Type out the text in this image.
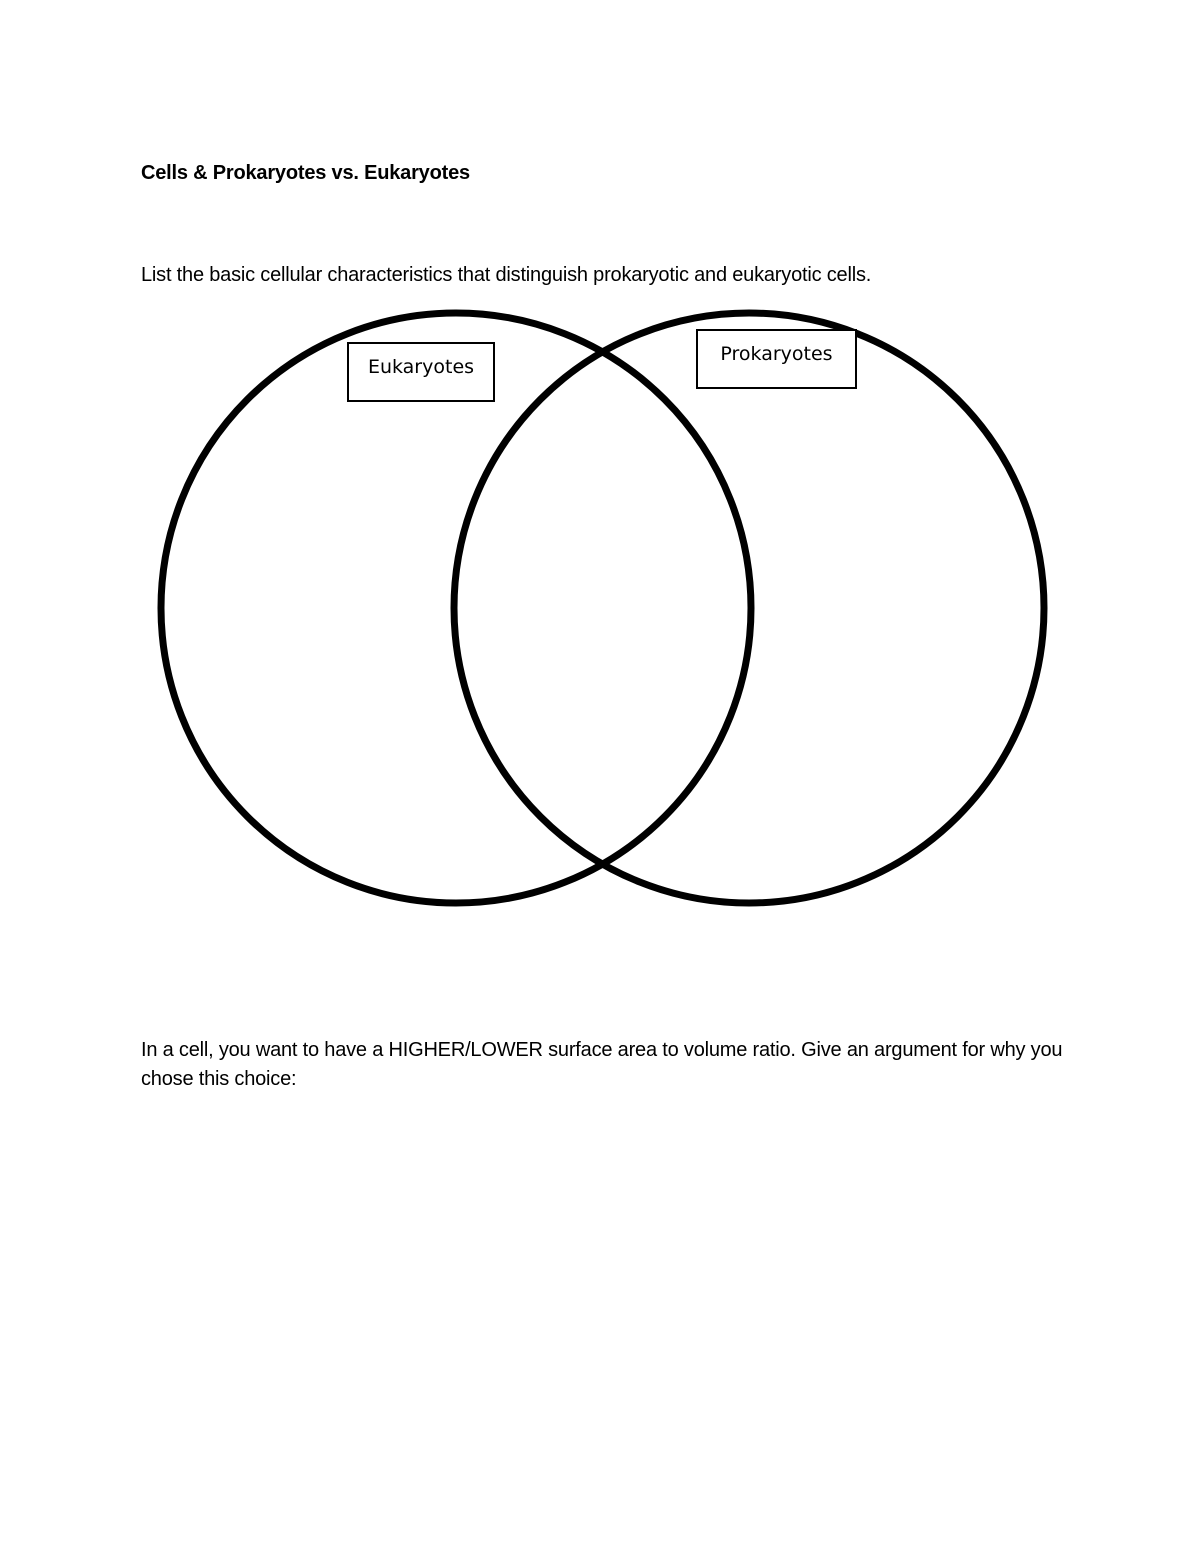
Cells & Prokaryotes vs. Eukaryotes

List the basic cellular characteristics that distinguish prokaryotic and eukaryotic cells.

Eukaryotes
Prokaryotes

In a cell, you want to have a HIGHER/LOWER surface area to volume ratio. Give an argument for why you chose this choice:
